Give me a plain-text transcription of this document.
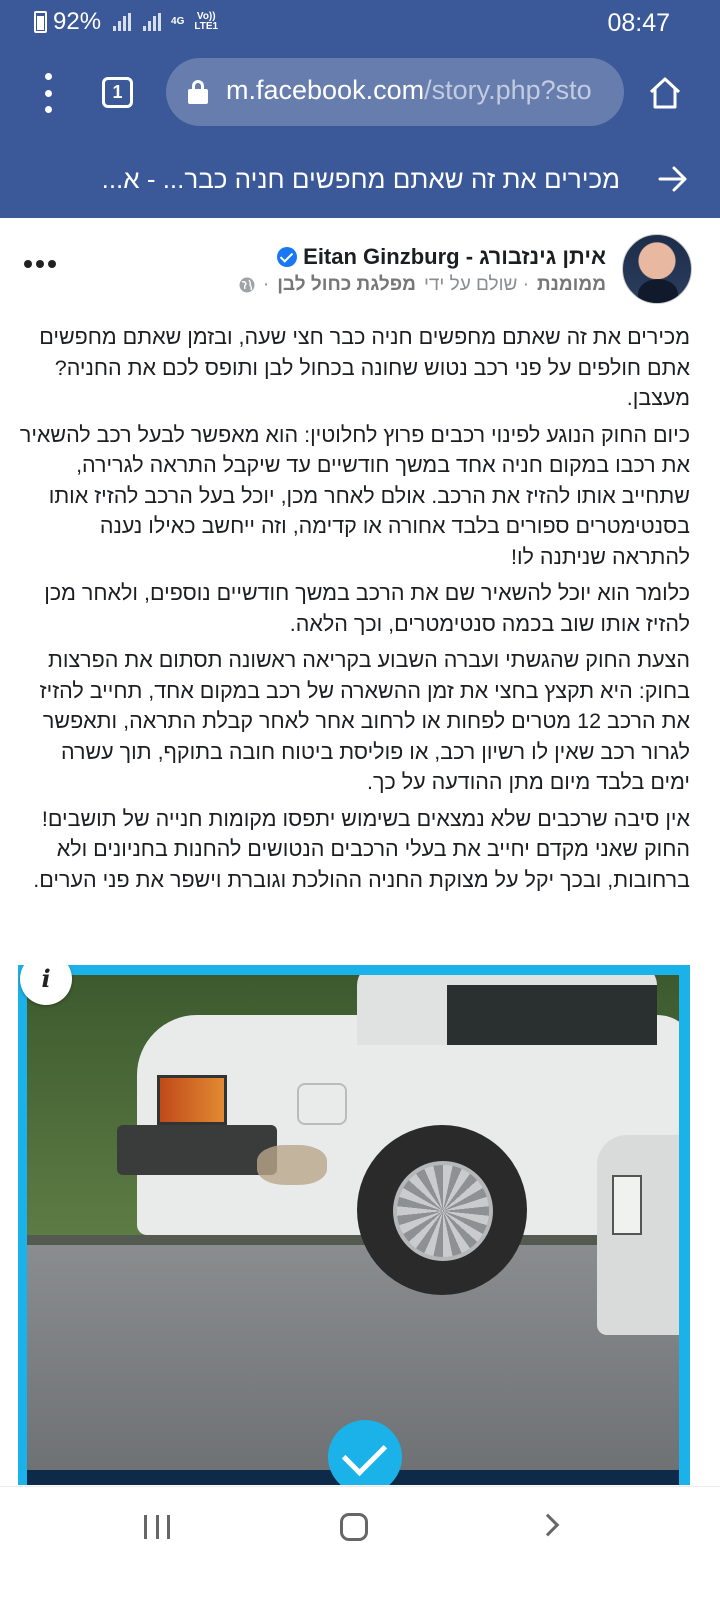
92%	4G Vo))
LTE1	08:47
1	m.facebook.com/story.php?sto
מכירים את זה שאתם מחפשים חניה כבר... - א...
איתן גינזבורג - Eitan Ginzburg
ממומנת
· שולם על ידי
מפלגת כחול לבן
·

מכירים את זה שאתם מחפשים חניה כבר חצי שעה, ובזמן שאתם מחפשים אתם חולפים על פני רכב נטוש שחונה בכחול לבן ותופס לכם את החניה? מעצבן.

כיום החוק הנוגע לפינוי רכבים פרוץ לחלוטין: הוא מאפשר לבעל רכב להשאיר את רכבו במקום חניה אחד במשך חודשיים עד שיקבל התראה לגרירה, שתחייב אותו להזיז את הרכב. אולם לאחר מכן, יוכל בעל הרכב להזיז אותו בסנטימטרים ספורים בלבד אחורה או קדימה, וזה ייחשב כאילו נענה להתראה שניתנה לו!

כלומר הוא יוכל להשאיר שם את הרכב במשך חודשיים נוספים, ולאחר מכן להזיז אותו שוב בכמה סנטימטרים, וכך הלאה.

הצעת החוק שהגשתי ועברה השבוע בקריאה ראשונה תסתום את הפרצות בחוק: היא תקצץ בחצי את זמן ההשארה של רכב במקום אחד, תחייב להזיז את הרכב 12 מטרים לפחות או לרחוב אחר לאחר קבלת התראה, ותאפשר לגרור רכב שאין לו רשיון רכב, או פוליסת ביטוח חובה בתוקף, תוך עשרה ימים בלבד מיום מתן ההודעה על כך.

אין סיבה שרכבים שלא נמצאים בשימוש יתפסו מקומות חנייה של תושבים! החוק שאני מקדם יחייב את בעלי הרכבים הנטושים להחנות בחניונים ולא ברחובות, ובכך יקל על מצוקת החניה ההולכת וגוברת וישפר את פני הערים.

i
